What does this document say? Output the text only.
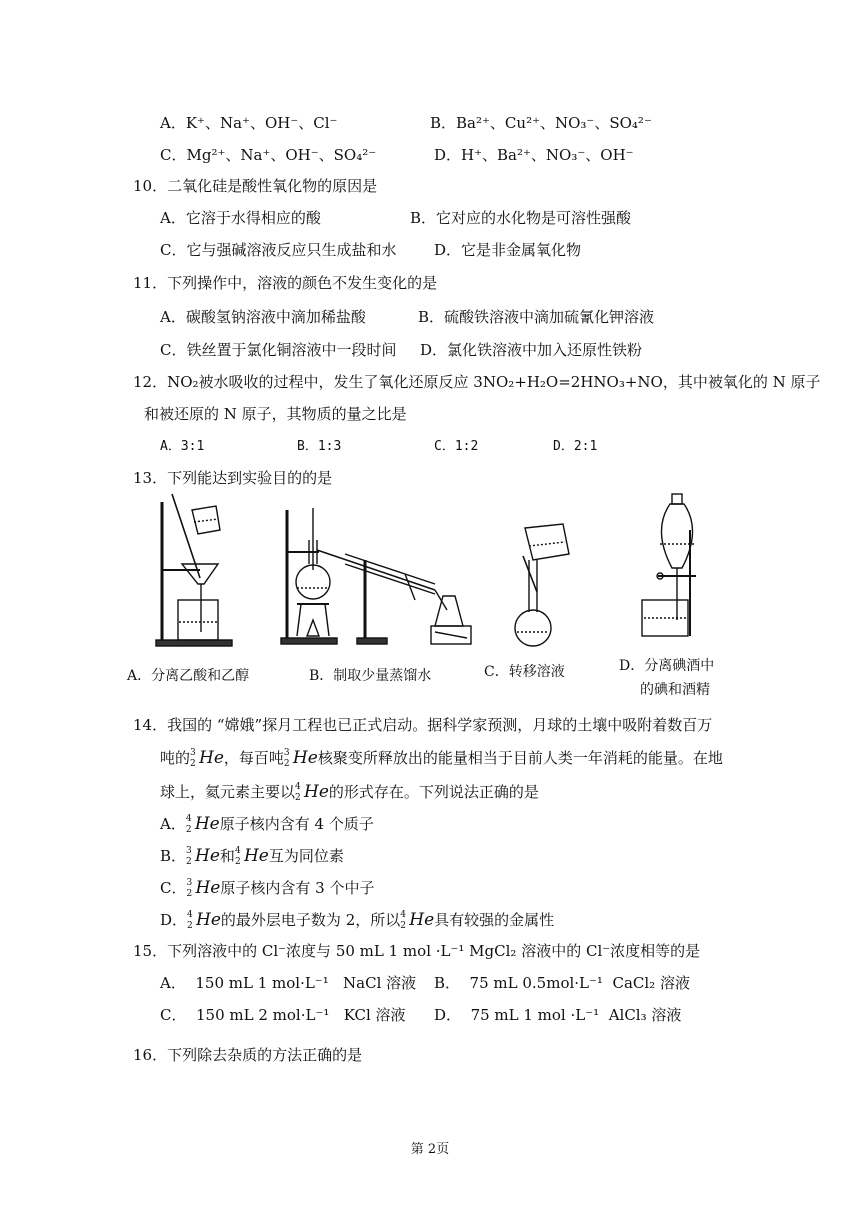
A．K⁺、Na⁺、OH⁻、Cl⁻	B．Ba²⁺、Cu²⁺、NO₃⁻、SO₄²⁻
C．Mg²⁺、Na⁺、OH⁻、SO₄²⁻	D．H⁺、Ba²⁺、NO₃⁻、OH⁻
10．二氧化硅是酸性氧化物的原因是
A．它溶于水得相应的酸	B．它对应的水化物是可溶性强酸
C．它与强碱溶液反应只生成盐和水	D．它是非金属氧化物
11．下列操作中，溶液的颜色不发生变化的是
A．碳酸氢钠溶液中滴加稀盐酸	B．硫酸铁溶液中滴加硫氰化钾溶液
C．铁丝置于氯化铜溶液中一段时间 D．氯化铁溶液中加入还原性铁粉
12．NO₂被水吸收的过程中，发生了氧化还原反应 3NO₂+H₂O=2HNO₃+NO，其中被氧化的 N 原子
和被还原的 N 原子，其物质的量之比是
A．3:1	B．1:3	C．1:2	D．2:1
13．下列能达到实验目的的是
A．分离乙酸和乙醇	B．制取少量蒸馏水	C．转移溶液	D．分离碘酒中
的碘和酒精
14．我国的 “嫦娥”探月工程也已正式启动。据科学家预测，月球的土壤中吸附着数百万
吨的 3
2 He，每百吨 3
2 He核聚变所释放出的能量相当于目前人类一年消耗的能量。在地
球上，氦元素主要以 4
2 He的形式存在。下列说法正确的是
A． 4
2 He原子核内含有 4 个质子
B． 3
2 He和 4
2 He互为同位素
C． 3
2 He原子核内含有 3 个中子
D． 4
2 He的最外层电子数为 2，所以 4
2 He具有较强的金属性
15．下列溶液中的 Cl⁻浓度与 50 mL 1 mol ·L⁻¹ MgCl₂ 溶液中的 Cl⁻浓度相等的是
A．  150 mL 1 mol·L⁻¹   NaCl 溶液 B．  75 mL 0.5mol·L⁻¹  CaCl₂ 溶液
C．  150 mL 2 mol·L⁻¹   KCl 溶液 D．  75 mL 1 mol ·L⁻¹  AlCl₃ 溶液
16．下列除去杂质的方法正确的是
第 2页
